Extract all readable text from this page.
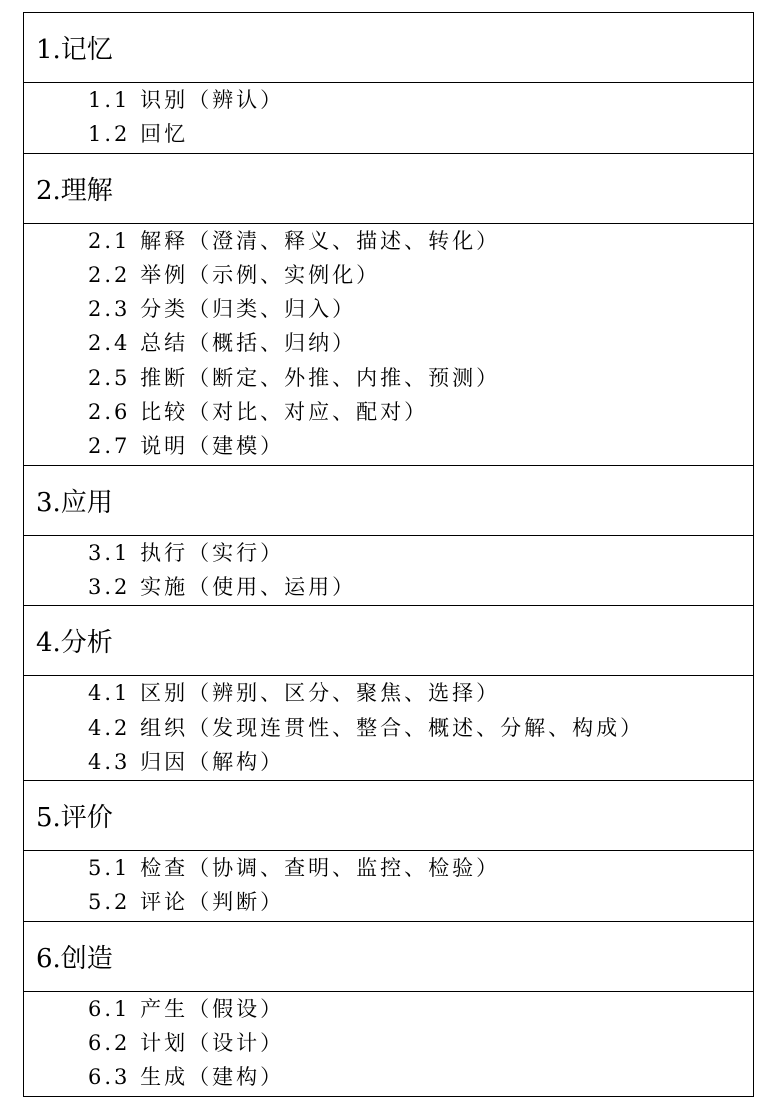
1.记忆
1.1 识别（辨认）
1.2 回忆
2.理解
2.1 解释（澄清、释义、描述、转化）
2.2 举例（示例、实例化）
2.3 分类（归类、归入）
2.4 总结（概括、归纳）
2.5 推断（断定、外推、内推、预测）
2.6 比较（对比、对应、配对）
2.7 说明（建模）
3.应用
3.1 执行（实行）
3.2 实施（使用、运用）
4.分析
4.1 区别（辨别、区分、聚焦、选择）
4.2 组织（发现连贯性、整合、概述、分解、构成）
4.3 归因（解构）
5.评价
5.1 检查（协调、查明、监控、检验）
5.2 评论（判断）
6.创造
6.1 产生（假设）
6.2 计划（设计）
6.3 生成（建构）
